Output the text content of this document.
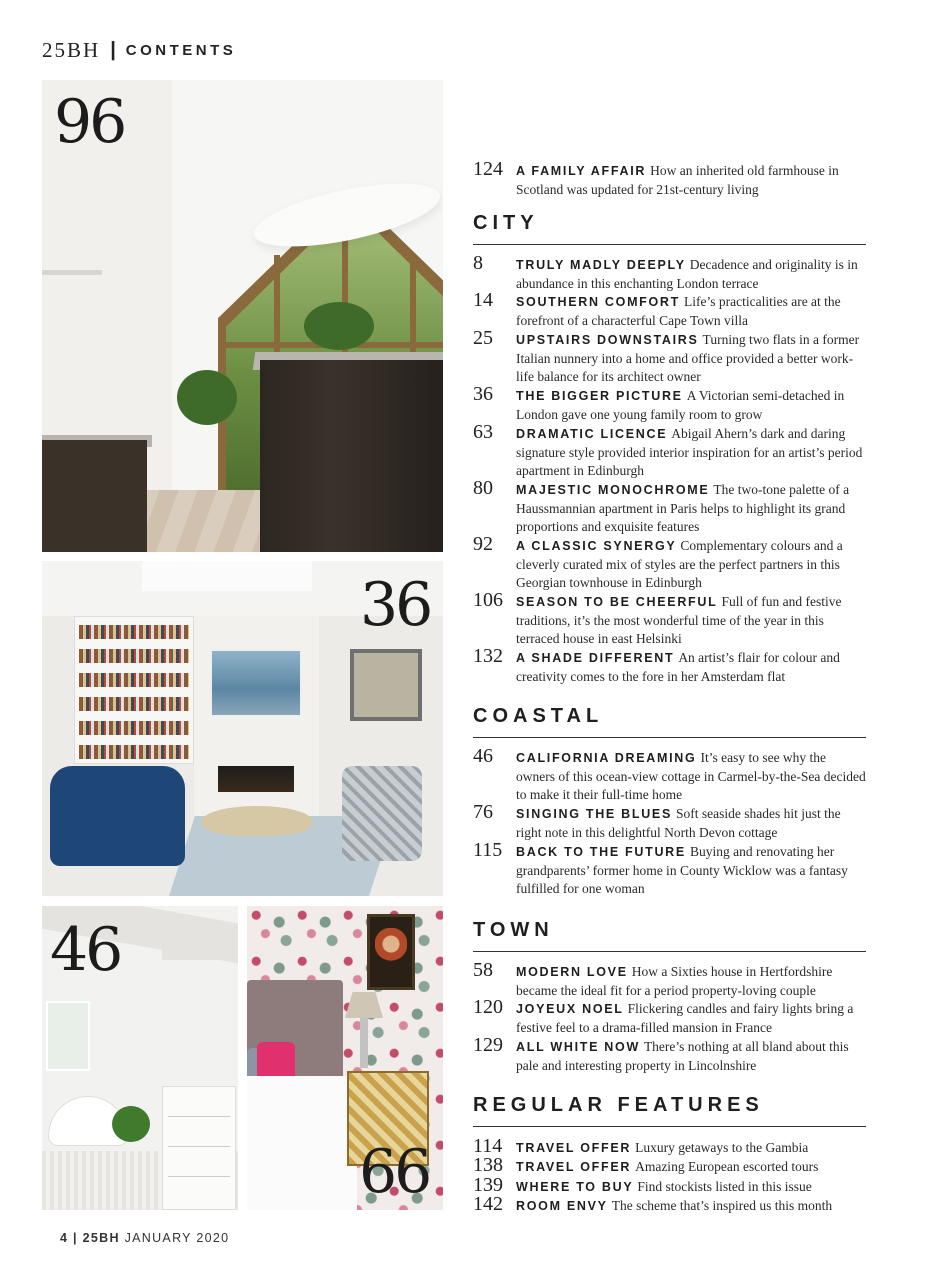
25BH | CONTENTS
96
36
46
66
124 A FAMILY AFFAIR How an inherited old farmhouse in Scotland was updated for 21st-century living
CITY
8	TRULY MADLY DEEPLY Decadence and originality is in abundance in this enchanting London terrace
14 SOUTHERN COMFORT Life’s practicalities are at the forefront of a characterful Cape Town villa
25 UPSTAIRS DOWNSTAIRS Turning two flats in a former Italian nunnery into a home and office provided a better work-life balance for its architect owner
36 THE BIGGER PICTURE A Victorian semi-detached in London gave one young family room to grow
63 DRAMATIC LICENCE Abigail Ahern’s dark and daring signature style provided interior inspiration for an artist’s period apartment in Edinburgh
80 MAJESTIC MONOCHROME The two-tone palette of a Haussmannian apartment in Paris helps to highlight its grand proportions and exquisite features
92 A CLASSIC SYNERGY Complementary colours and a cleverly curated mix of styles are the perfect partners in this Georgian townhouse in Edinburgh
106 SEASON TO BE CHEERFUL Full of fun and festive traditions, it’s the most wonderful time of the year in this terraced house in east Helsinki
132 A SHADE DIFFERENT An artist’s flair for colour and creativity comes to the fore in her Amsterdam flat
COASTAL
46 CALIFORNIA DREAMING It’s easy to see why the owners of this ocean-view cottage in Carmel-by-the-Sea decided to make it their full-time home
76 SINGING THE BLUES Soft seaside shades hit just the right note in this delightful North Devon cottage
115 BACK TO THE FUTURE Buying and renovating her grandparents’ former home in County Wicklow was a fantasy fulfilled for one woman
TOWN
58 MODERN LOVE How a Sixties house in Hertfordshire became the ideal fit for a period property-loving couple
120 JOYEUX NOEL Flickering candles and fairy lights bring a festive feel to a drama-filled mansion in France
129 ALL WHITE NOW There’s nothing at all bland about this pale and interesting property in Lincolnshire
REGULAR FEATURES
114 TRAVEL OFFER Luxury getaways to the Gambia
138 TRAVEL OFFER Amazing European escorted tours
139 WHERE TO BUY Find stockists listed in this issue
142 ROOM ENVY The scheme that’s inspired us this month
4 | 25BH JANUARY 2020
